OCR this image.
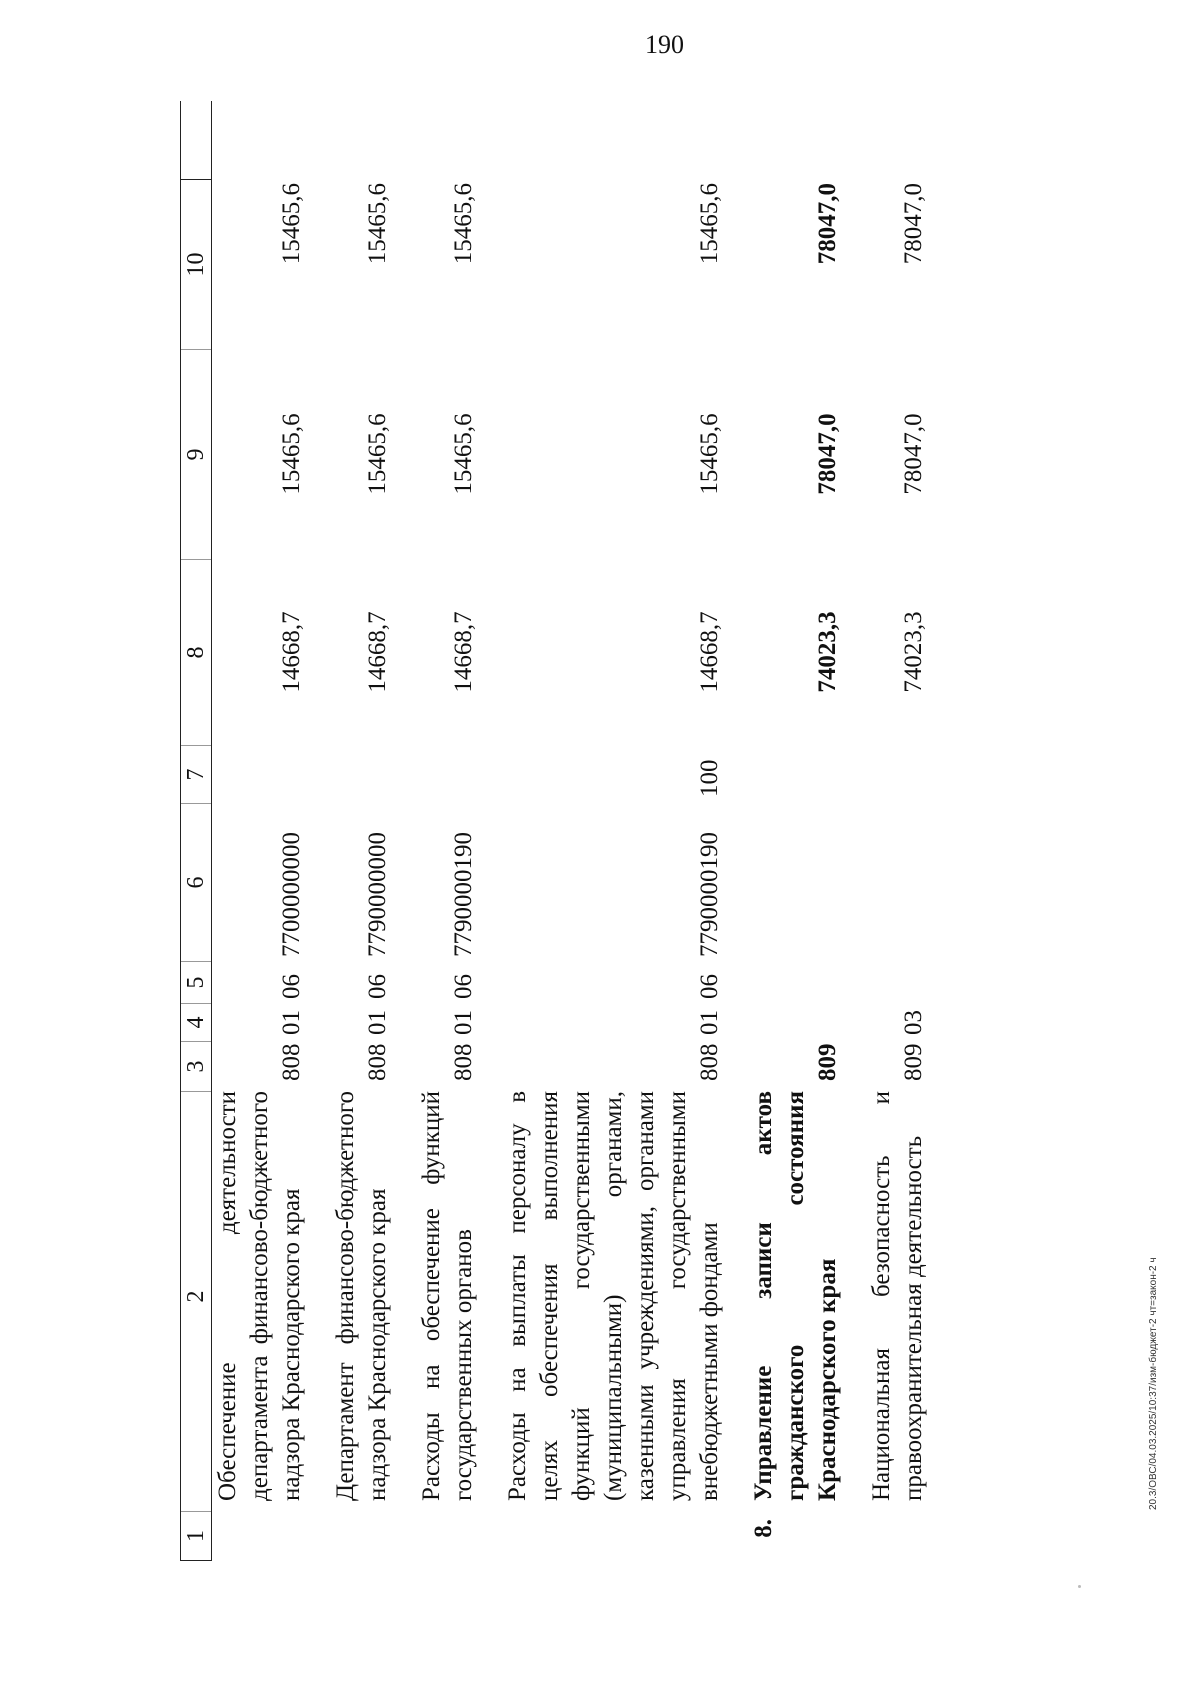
190
1
2
3
4
5
6
7
8
9
10
Обеспечение деятельности департамента финансово-бюджетного надзора Краснодарского края
808
01
06
7700000000
14668,7
15465,6
15465,6
Департамент финансово-бюджетного надзора Краснодарского края
808
01
06
7790000000
14668,7
15465,6
15465,6
Расходы на обеспечение функций государственных органов
808
01
06
7790000190
14668,7
15465,6
15465,6
Расходы на выплаты персоналу в целях обеспечения выполнения функций государственными (муниципальными) органами, казенными учреждениями, органами управления государственными внебюджетными фондами
808
01
06
7790000190
100
14668,7
15465,6
15465,6
8.
Управление записи актов гражданского состояния Краснодарского края
809
74023,3
78047,0
78047,0
Национальная безопасность и правоохранительная деятельность
809
03
74023,3
78047,0
78047,0
20.3/ОВС/04.03.2025/10:37/изм-бюджет-2 чт=закон-2 ч
